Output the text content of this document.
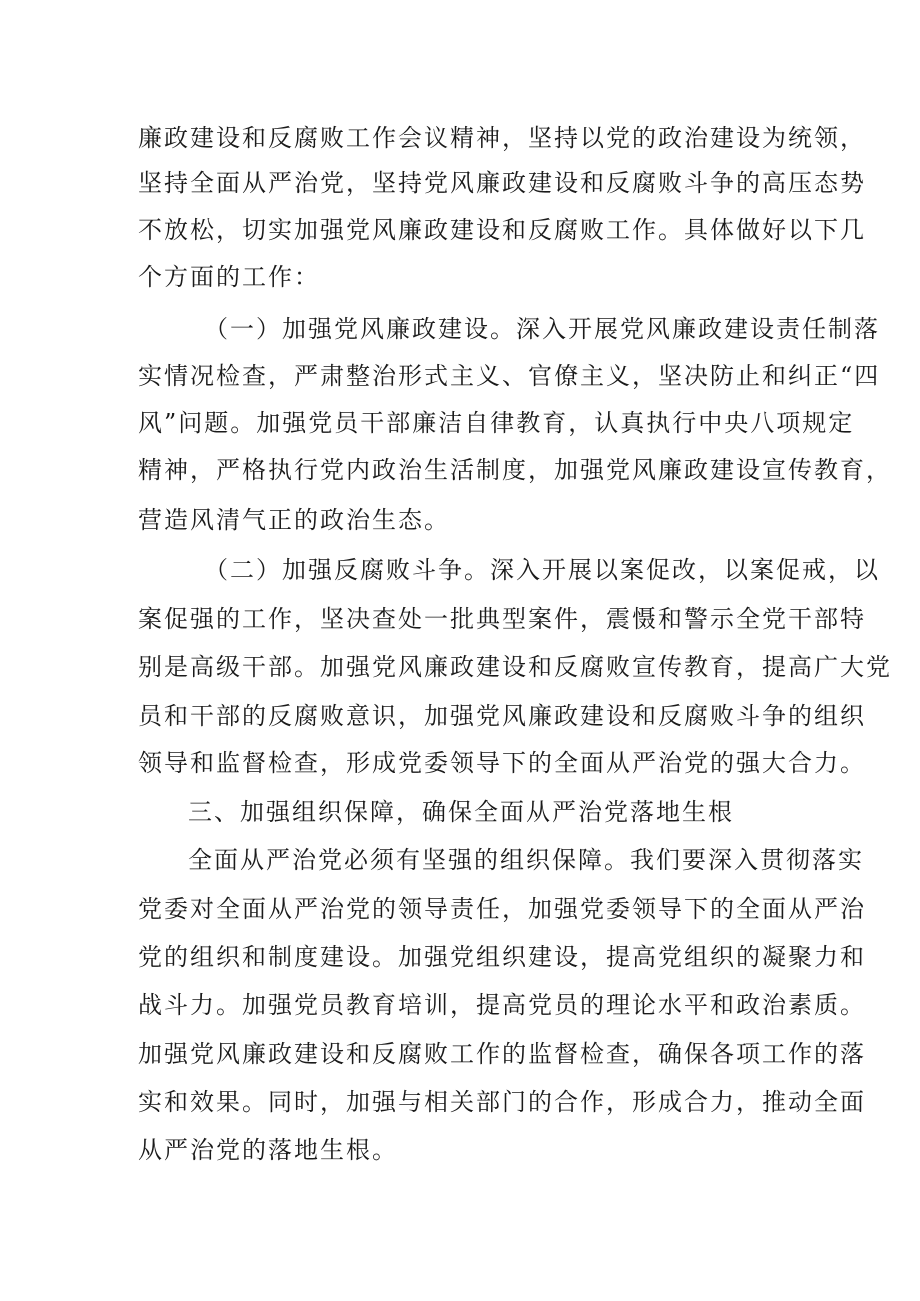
廉政建设和反腐败工作会议精神，坚持以党的政治建设为统领，
坚持全面从严治党，坚持党风廉政建设和反腐败斗争的高压态势
不放松，切实加强党风廉政建设和反腐败工作。具体做好以下几
个方面的工作：
（一）加强党风廉政建设。深入开展党风廉政建设责任制落
实情况检查，严肃整治形式主义、官僚主义，坚决防止和纠正“四
风”问题。加强党员干部廉洁自律教育，认真执行中央八项规定
精神，严格执行党内政治生活制度，加强党风廉政建设宣传教育，
营造风清气正的政治生态。
（二）加强反腐败斗争。深入开展以案促改，以案促戒，以
案促强的工作，坚决查处一批典型案件，震慑和警示全党干部特
别是高级干部。加强党风廉政建设和反腐败宣传教育，提高广大党
员和干部的反腐败意识，加强党风廉政建设和反腐败斗争的组织
领导和监督检查，形成党委领导下的全面从严治党的强大合力。
三、加强组织保障，确保全面从严治党落地生根
全面从严治党必须有坚强的组织保障。我们要深入贯彻落实
党委对全面从严治党的领导责任，加强党委领导下的全面从严治
党的组织和制度建设。加强党组织建设，提高党组织的凝聚力和
战斗力。加强党员教育培训，提高党员的理论水平和政治素质。
加强党风廉政建设和反腐败工作的监督检查，确保各项工作的落
实和效果。同时，加强与相关部门的合作，形成合力，推动全面
从严治党的落地生根。
